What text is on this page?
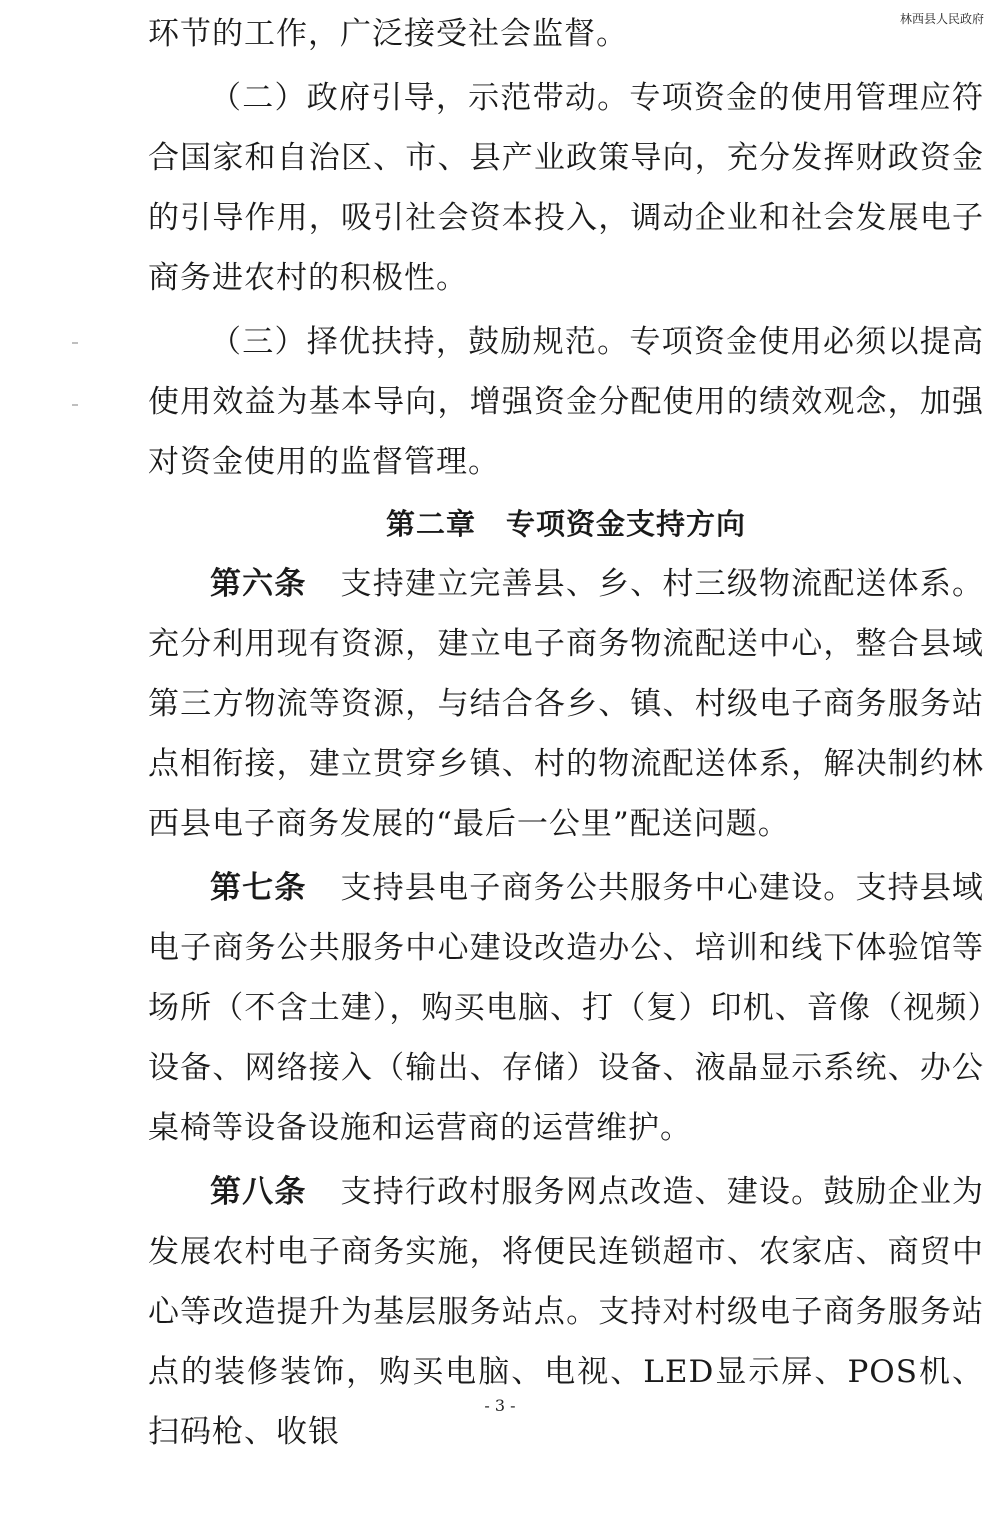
林西县人民政府

环节的工作，广泛接受社会监督。

（二）政府引导，示范带动。专项资金的使用管理应符合国家和自治区、市、县产业政策导向，充分发挥财政资金的引导作用，吸引社会资本投入，调动企业和社会发展电子商务进农村的积极性。

（三）择优扶持，鼓励规范。专项资金使用必须以提高使用效益为基本导向，增强资金分配使用的绩效观念，加强对资金使用的监督管理。

第二章　专项资金支持方向

第六条 支持建立完善县、乡、村三级物流配送体系。充分利用现有资源，建立电子商务物流配送中心，整合县域第三方物流等资源，与结合各乡、镇、村级电子商务服务站点相衔接，建立贯穿乡镇、村的物流配送体系，解决制约林西县电子商务发展的“最后一公里”配送问题。

第七条 支持县电子商务公共服务中心建设。支持县域电子商务公共服务中心建设改造办公、培训和线下体验馆等场所（不含土建），购买电脑、打（复）印机、音像（视频）设备、网络接入（输出、存储）设备、液晶显示系统、办公桌椅等设备设施和运营商的运营维护。

第八条 支持行政村服务网点改造、建设。鼓励企业为发展农村电子商务实施，将便民连锁超市、农家店、商贸中心等改造提升为基层服务站点。支持对村级电子商务服务站点的装修装饰，购买电脑、电视、LED显示屏、POS机、扫码枪、收银

- 3 -
